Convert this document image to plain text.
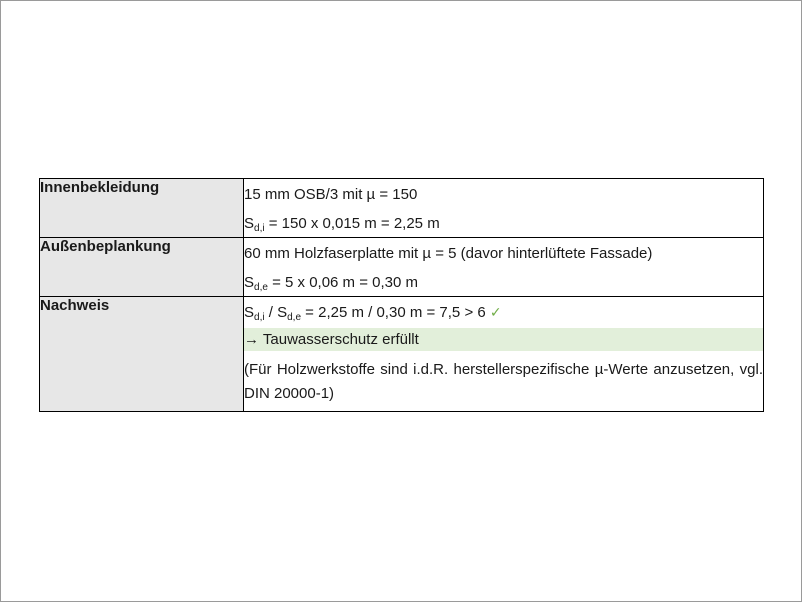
Innenbekleidung	15 mm OSB/3 mit µ = 150
$S_{d,i} = 150$ x 0,015 m = 2,25 m

Außenbeplankung	60 mm Holzfaserplatte mit µ = 5 (davor hinterlüftete Fassade)
$S_{d,e} = 5$ x 0,06 m = 0,30 m

Nachweis	$S_{d,i} / S_{d,e} = 2,25$ m / 0,30 m = 7,5 > 6 ✓
→ Tauwasserschutz erfüllt
(Für Holzwerkstoffe sind i.d.R. herstellerspezifische µ-Werte anzusetzen, vgl. DIN 20000-1)
